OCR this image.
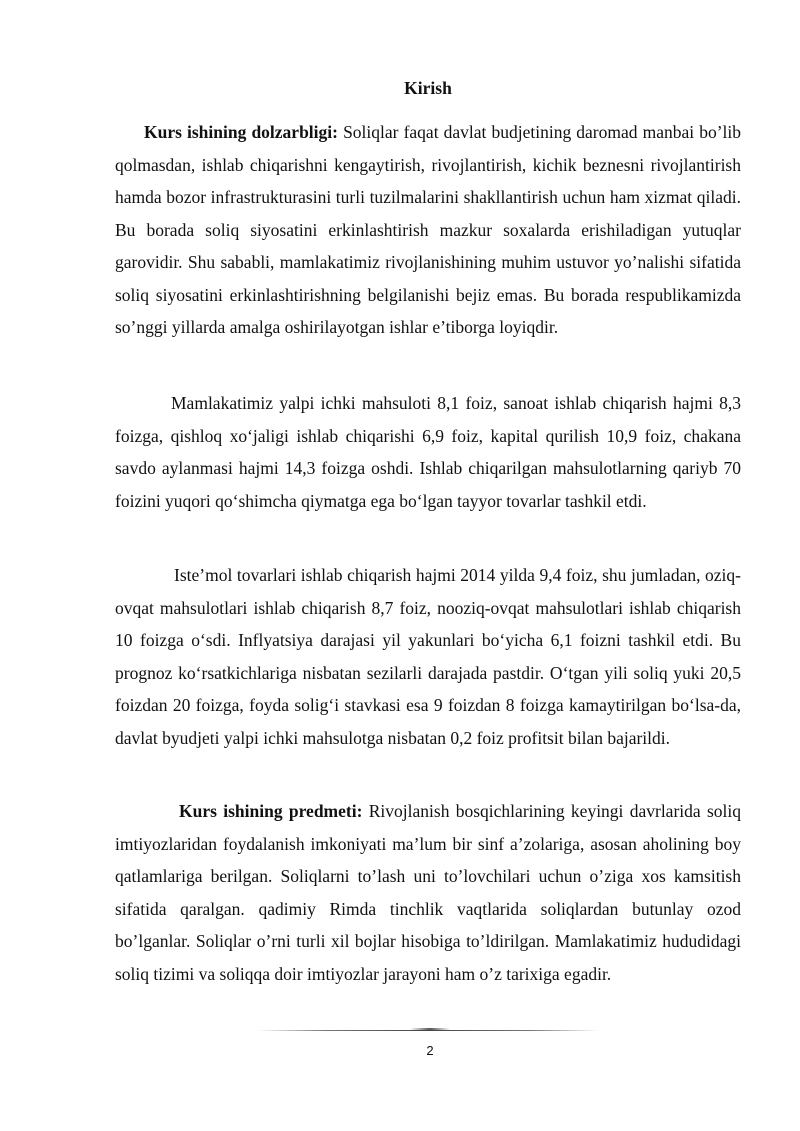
Kirish

Kurs ishining dolzarbligi: Soliqlar faqat davlat budjetining daromad manbai bo’lib qolmasdan, ishlab chiqarishni kengaytirish, rivojlantirish, kichik beznesni rivojlantirish hamda bozor infrastrukturasini turli tuzilmalarini shakllantirish uchun ham xizmat qiladi. Bu borada soliq siyosatini erkinlashtirish mazkur soxalarda erishiladigan yutuqlar garovidir. Shu sababli, mamlakatimiz rivojlanishining muhim ustuvor yo’nalishi sifatida soliq siyosatini erkinlashtirishning belgilanishi bejiz emas. Bu borada respublikamizda so’nggi yillarda amalga oshirilayotgan ishlar e’tiborga loyiqdir.

Mamlakatimiz yalpi ichki mahsuloti 8,1 foiz, sanoat ishlab chiqarish hajmi 8,3 foizga, qishloq xo‘jaligi ishlab chiqarishi 6,9 foiz, kapital qurilish 10,9 foiz, chakana savdo aylanmasi hajmi 14,3 foizga oshdi. Ishlab chiqarilgan mahsulotlarning qariyb 70 foizini yuqori qo‘shimcha qiymatga ega bo‘lgan tayyor tovarlar tashkil etdi.

Iste’mol tovarlari ishlab chiqarish hajmi 2014 yilda 9,4 foiz, shu jumladan, oziq-ovqat mahsulotlari ishlab chiqarish 8,7 foiz, nooziq-ovqat mahsulotlari ishlab chiqarish 10 foizga o‘sdi. Inflyatsiya darajasi yil yakunlari bo‘yicha 6,1 foizni tashkil etdi. Bu prognoz ko‘rsatkichlariga nisbatan sezilarli darajada pastdir. O‘tgan yili soliq yuki 20,5 foizdan 20 foizga, foyda solig‘i stavkasi esa 9 foizdan 8 foizga kamaytirilgan bo‘lsa-da, davlat byudjeti yalpi ichki mahsulotga nisbatan 0,2 foiz profitsit bilan bajarildi.

Kurs ishining predmeti: Rivojlanish bosqichlarining keyingi davrlarida soliq imtiyozlaridan foydalanish imkoniyati ma’lum bir sinf a’zolariga, asosan aholining boy qatlamlariga berilgan. Soliqlarni to’lash uni to’lovchilari uchun o’ziga xos kamsitish sifatida qaralgan. qadimiy Rimda tinchlik vaqtlarida soliqlardan butunlay ozod bo’lganlar. Soliqlar o’rni turli xil bojlar hisobiga to’ldirilgan. Mamlakatimiz hududidagi soliq tizimi va soliqqa doir imtiyozlar jarayoni ham o’z tarixiga egadir.

2
